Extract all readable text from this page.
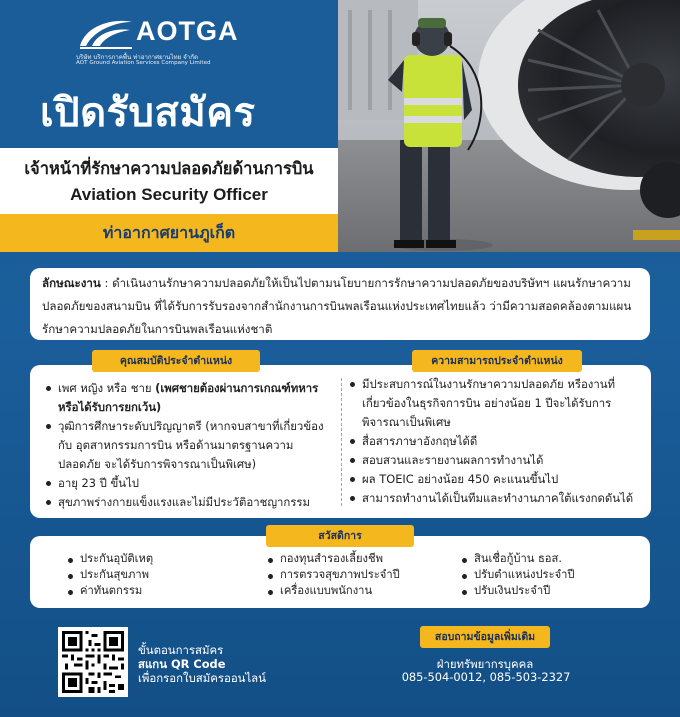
AOTGA
บริษัท บริการภาคพื้น ท่าอากาศยานไทย จำกัด
AOT Ground Aviation Services Company Limited
เปิดรับสมัคร
เจ้าหน้าที่รักษาความปลอดภัยด้านการบิน
Aviation Security Officer
ท่าอากาศยานภูเก็ต
ลักษณะงาน : ดำเนินงานรักษาความปลอดภัยให้เป็นไปตามนโยบายการรักษาความปลอดภัยของบริษัทฯ แผนรักษาความปลอดภัยของสนามบิน ที่ได้รับการรับรองจากสำนักงานการบินพลเรือนแห่งประเทศไทยแล้ว ว่ามีความสอดคล้องตามแผนรักษาความปลอดภัยในการบินพลเรือนแห่งชาติ
เพศ หญิง หรือ ชาย (เพศชายต้องผ่านการเกณฑ์ทหารหรือได้รับการยกเว้น)
วุฒิการศึกษาระดับปริญญาตรี (หากจบสาขาที่เกี่ยวข้องกับ อุตสาหกรรมการบิน หรือด้านมาตรฐานความปลอดภัย จะได้รับการพิจารณาเป็นพิเศษ)
อายุ 23 ปี ขึ้นไป
สุขภาพร่างกายแข็งแรงและไม่มีประวัติอาชญากรรม
มีประสบการณ์ในงานรักษาความปลอดภัย หรืองานที่เกี่ยวข้องในธุรกิจการบิน อย่างน้อย 1 ปีจะได้รับการพิจารณาเป็นพิเศษ
สื่อสารภาษาอังกฤษได้ดี
สอบสวนและรายงานผลการทำงานได้
ผล TOEIC อย่างน้อย 450 คะแนนขึ้นไป
สามารถทำงานได้เป็นทีมและทำงานภาคใต้แรงกดดันได้
คุณสมบัติประจำตำแหน่ง	ความสามารถประจำตำแหน่ง
ประกันอุบัติเหตุ
ประกันสุขภาพ
ค่าทันตกรรม
กองทุนสำรองเลี้ยงชีพ
การตรวจสุขภาพประจำปี
เครื่องแบบพนักงาน
สินเชื่อกู้บ้าน ธอส.
ปรับตำแหน่งประจำปี
ปรับเงินประจำปี
สวัสดิการ
ขั้นตอนการสมัคร
สแกน QR Code
เพื่อกรอกใบสมัครออนไลน์
สอบถามข้อมูลเพิ่มเติม
ฝ่ายทรัพยากรบุคคล
085-504-0012, 085-503-2327
